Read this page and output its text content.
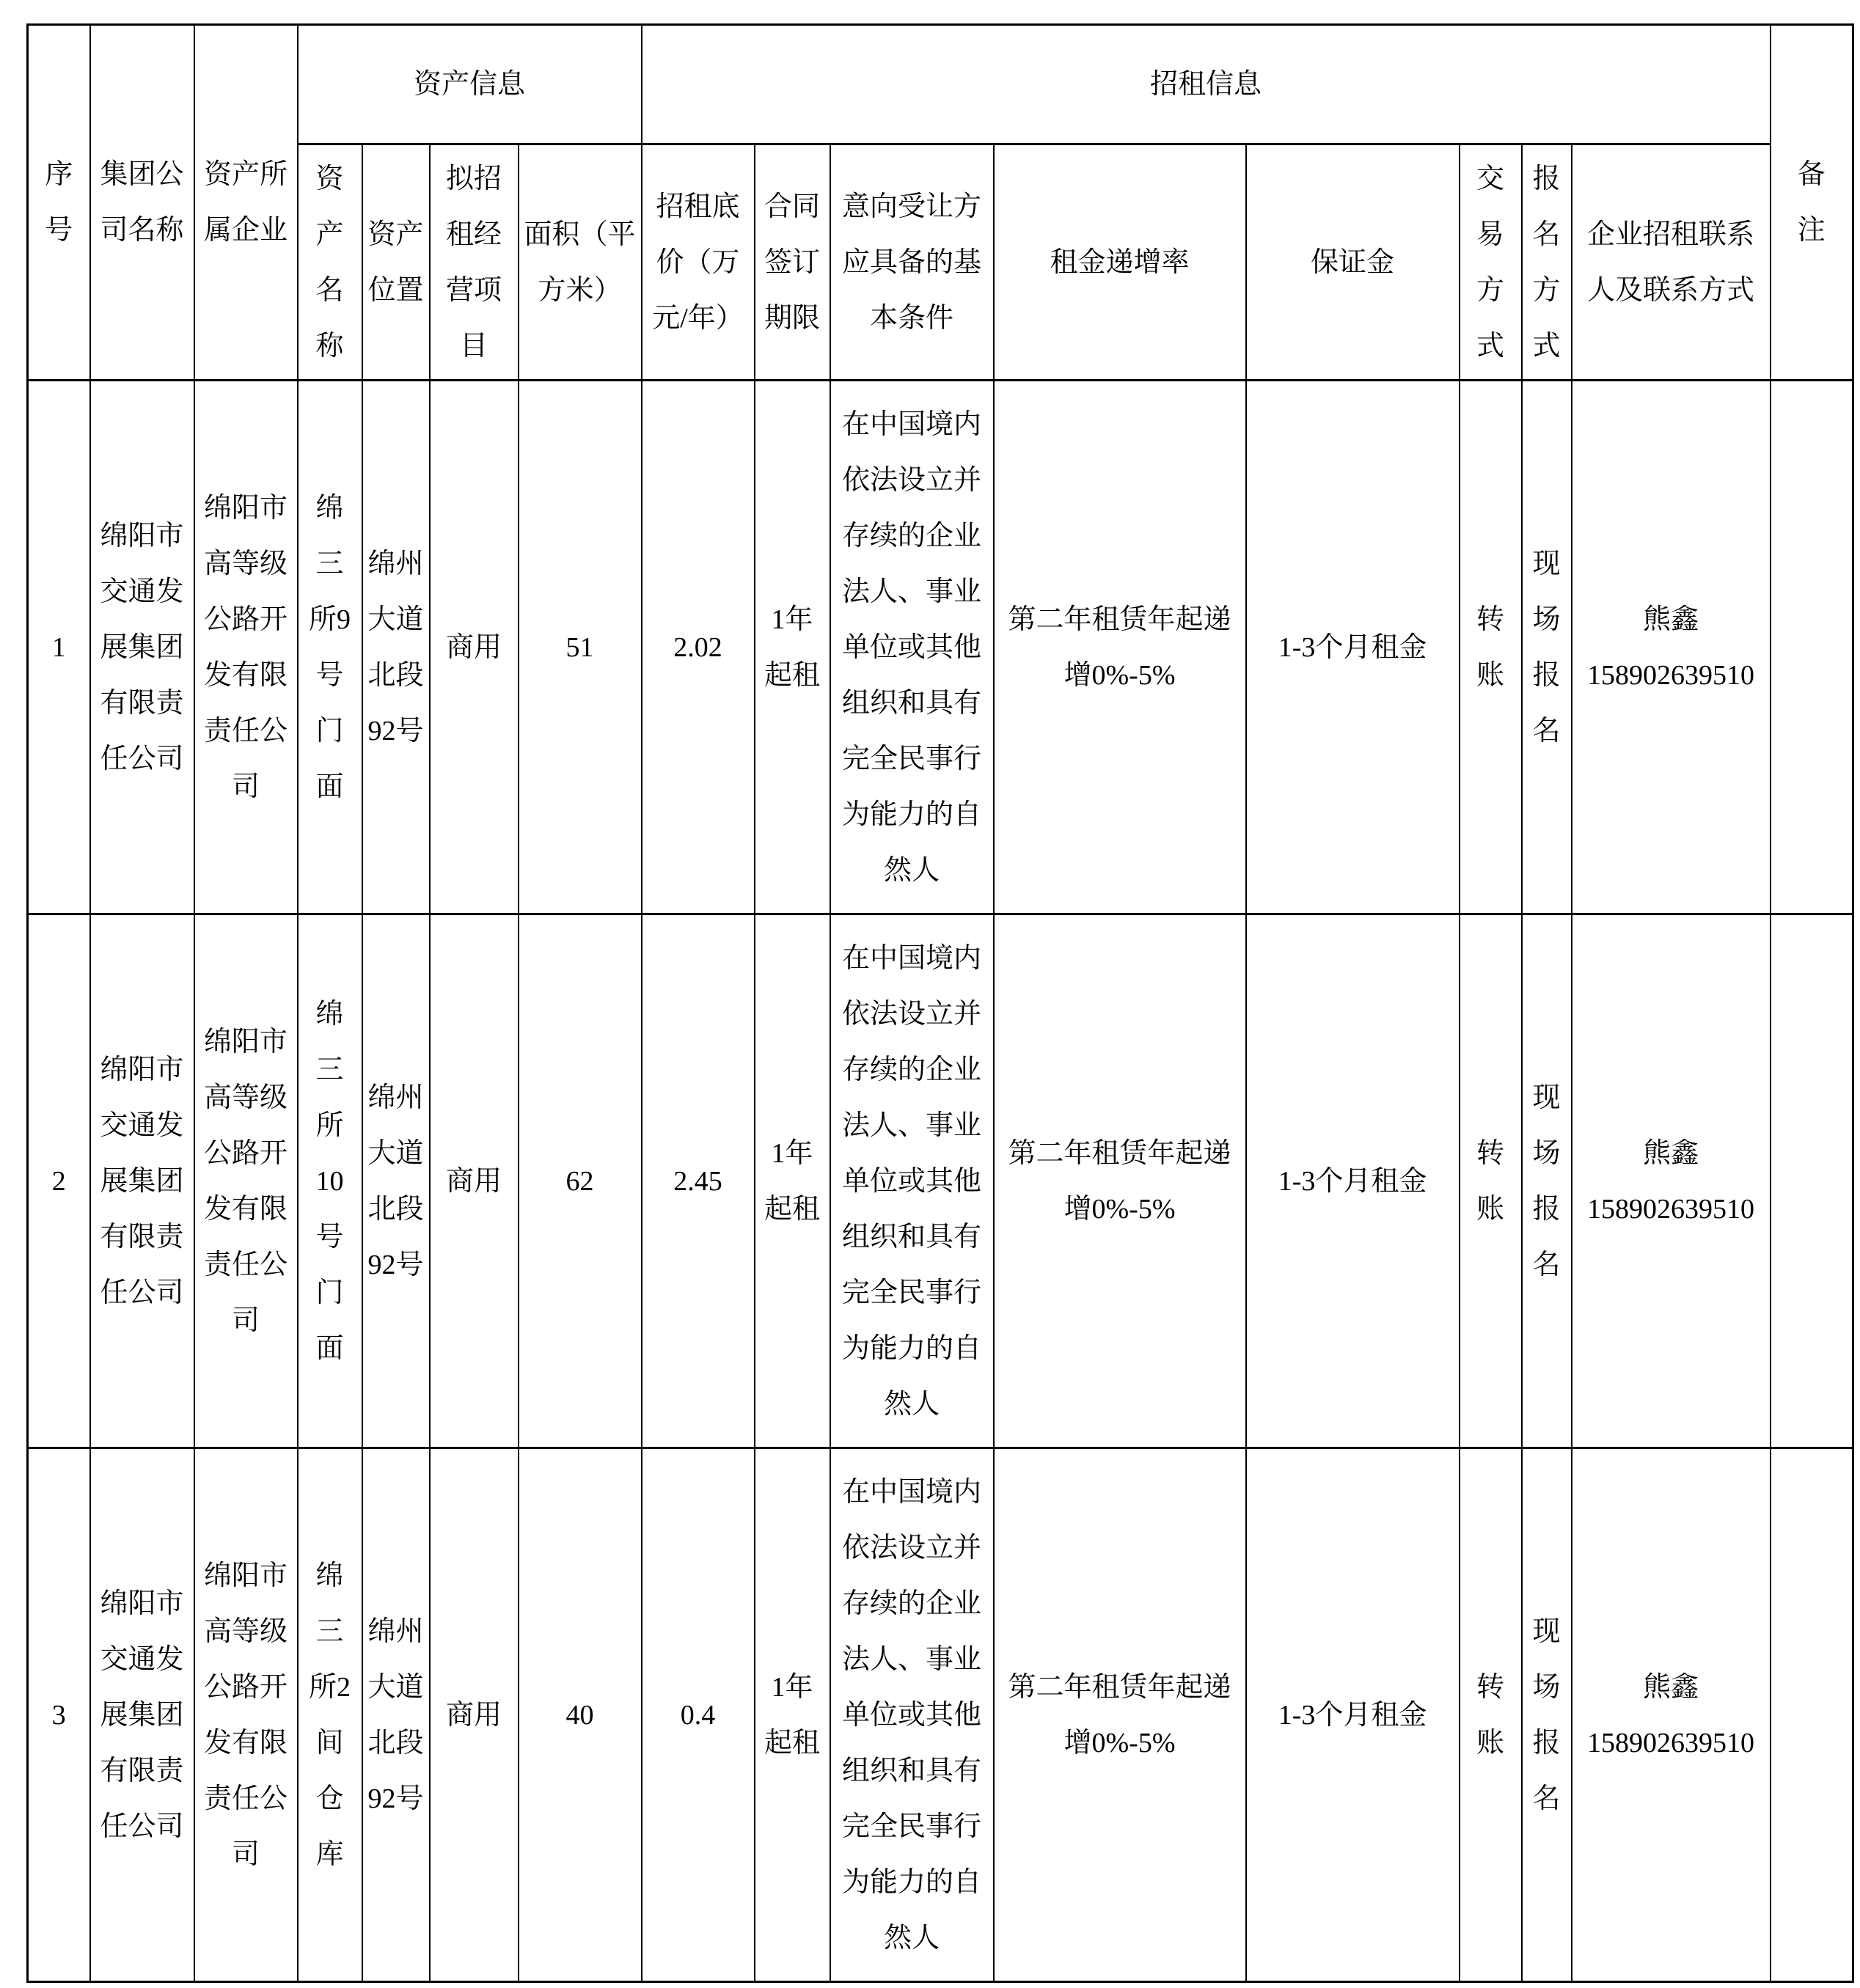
序号	集团公司名称	资产所属企业	资产信息				招租信息								备注

			资产名称	资产位置	拟招租经营项目	面积（平方米）	招租底价（万元/年）	合同签订期限	意向受让方应具备的基本条件	租金递增率	保证金	交易方式	报名方式	企业招租联系人及联系方式	
1	绵阳市交通发展集团有限责任公司	绵阳市高等级公路开发有限责任公司	绵三所9号门面	绵州大道北段92号	商用	51	2.02	1年起租	在中国境内依法设立并存续的企业法人、事业单位或其他组织和具有完全民事行为能力的自然人	第二年租赁年起递增0%-5%	1-3个月租金	转账	现场报名	熊鑫
158902639510	

2	绵阳市交通发展集团有限责任公司	绵阳市高等级公路开发有限责任公司	绵三所10号门面	绵州大道北段92号	商用	62	2.45	1年起租	在中国境内依法设立并存续的企业法人、事业单位或其他组织和具有完全民事行为能力的自然人	第二年租赁年起递增0%-5%	1-3个月租金	转账	现场报名	熊鑫
158902639510	

3	绵阳市交通发展集团有限责任公司	绵阳市高等级公路开发有限责任公司	绵三所2间仓库	绵州大道北段92号	商用	40	0.4	1年起租	在中国境内依法设立并存续的企业法人、事业单位或其他组织和具有完全民事行为能力的自然人	第二年租赁年起递增0%-5%	1-3个月租金	转账	现场报名	熊鑫
158902639510	
